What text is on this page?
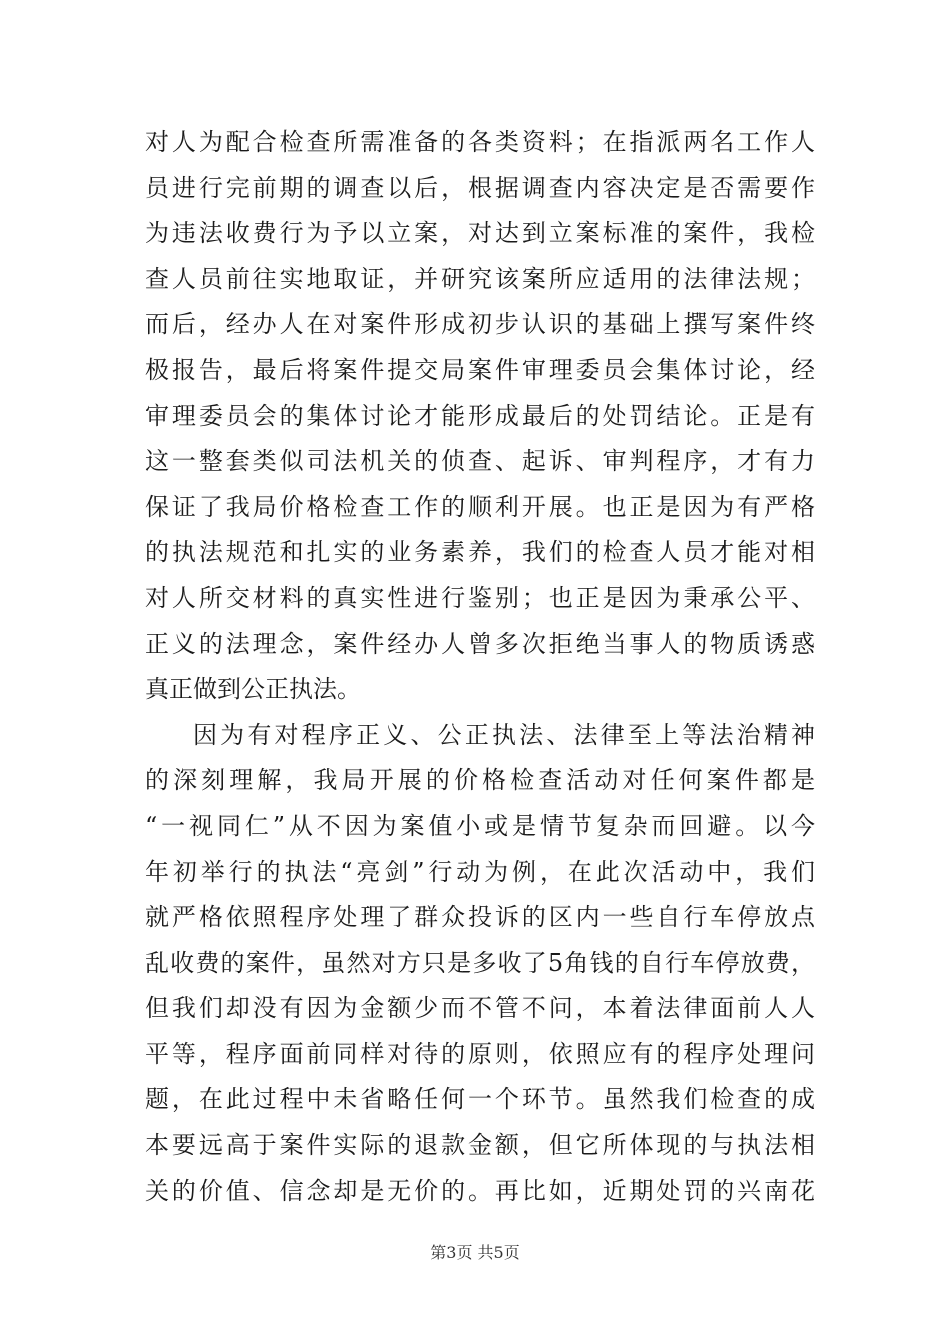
对人为配合检查所需准备的各类资料；在指派两名工作人
员进行完前期的调查以后，根据调查内容决定是否需要作
为违法收费行为予以立案，对达到立案标准的案件，我检
查人员前往实地取证，并研究该案所应适用的法律法规；
而后，经办人在对案件形成初步认识的基础上撰写案件终
极报告，最后将案件提交局案件审理委员会集体讨论，经
审理委员会的集体讨论才能形成最后的处罚结论。正是有
这一整套类似司法机关的侦查、起诉、审判程序，才有力
保证了我局价格检查工作的顺利开展。也正是因为有严格
的执法规范和扎实的业务素养，我们的检查人员才能对相
对人所交材料的真实性进行鉴别；也正是因为秉承公平、
正义的法理念，案件经办人曾多次拒绝当事人的物质诱惑
真正做到公正执法。
因为有对程序正义、公正执法、法律至上等法治精神
的深刻理解，我局开展的价格检查活动对任何案件都是
“一视同仁”从不因为案值小或是情节复杂而回避。以今
年初举行的执法“亮剑”行动为例，在此次活动中，我们
就严格依照程序处理了群众投诉的区内一些自行车停放点
乱收费的案件，虽然对方只是多收了5角钱的自行车停放费，
但我们却没有因为金额少而不管不问，本着法律面前人人
平等，程序面前同样对待的原则，依照应有的程序处理问
题，在此过程中未省略任何一个环节。虽然我们检查的成
本要远高于案件实际的退款金额，但它所体现的与执法相
关的价值、信念却是无价的。再比如，近期处罚的兴南花
第3页 共5页
